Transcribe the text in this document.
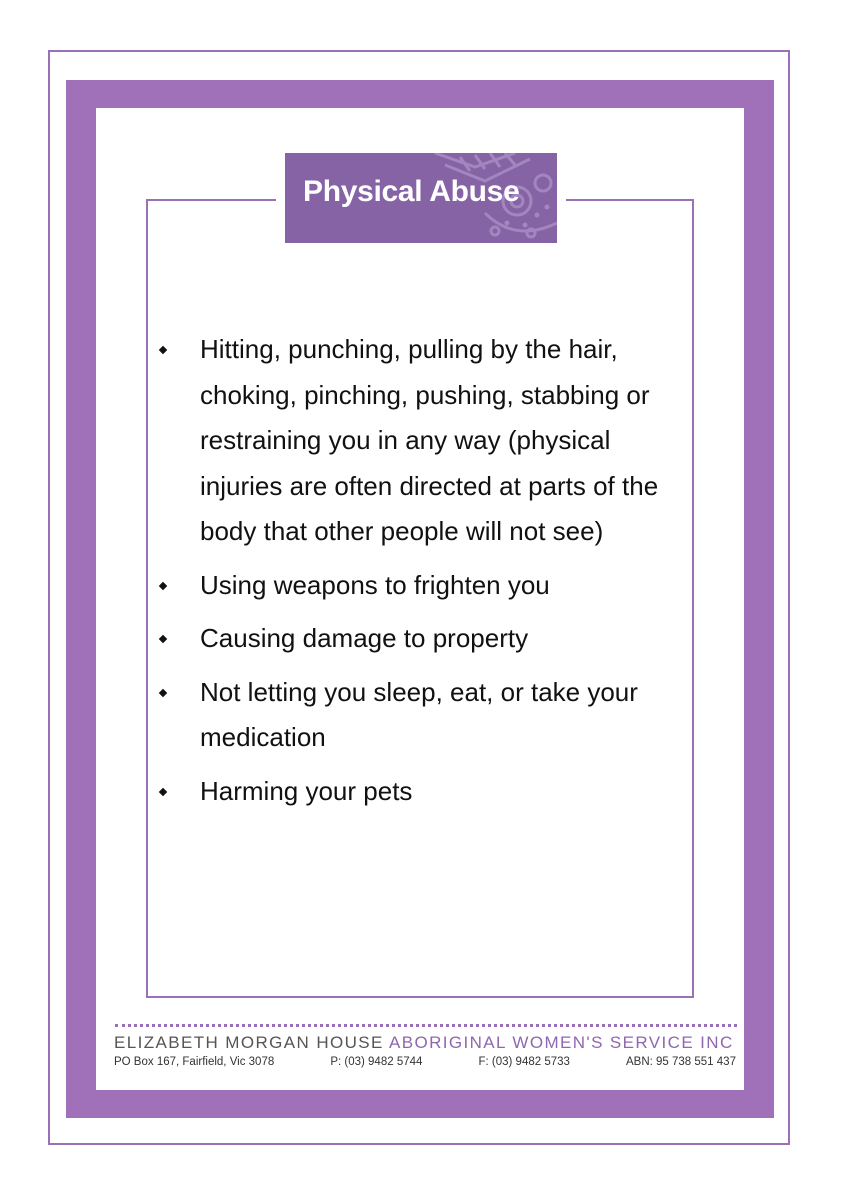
Physical Abuse
Hitting, punching, pulling by the hair, choking, pinching, pushing, stabbing or restraining you in any way (physical injuries are often directed at parts of the body that other people will not see)
Using weapons to frighten you
Causing damage to property
Not letting you sleep, eat, or take your medication
Harming your pets
ELIZABETH MORGAN HOUSE ABORIGINAL WOMEN'S SERVICE INC
PO Box 167, Fairfield, Vic 3078	P: (03) 9482 5744	F: (03) 9482 5733	ABN: 95 738 551 437
